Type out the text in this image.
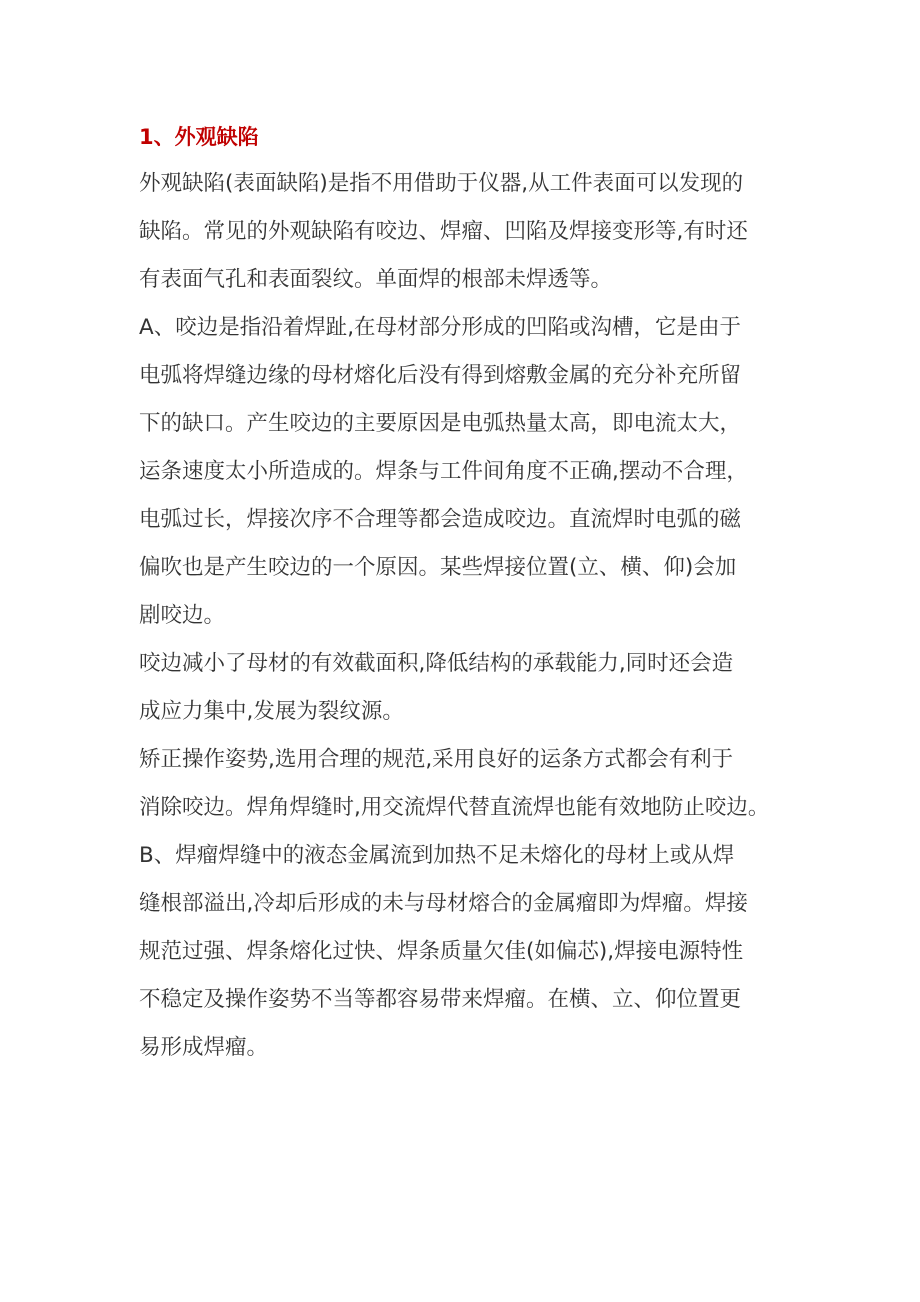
1、外观缺陷

外观缺陷(表面缺陷)是指不用借助于仪器,从工件表面可以发现的
缺陷。常见的外观缺陷有咬边、焊瘤、凹陷及焊接变形等,有时还
有表面气孔和表面裂纹。单面焊的根部未焊透等。

A、咬边是指沿着焊趾,在母材部分形成的凹陷或沟槽，它是由于
电弧将焊缝边缘的母材熔化后没有得到熔敷金属的充分补充所留
下的缺口。产生咬边的主要原因是电弧热量太高，即电流太大，
运条速度太小所造成的。焊条与工件间角度不正确,摆动不合理，
电弧过长，焊接次序不合理等都会造成咬边。直流焊时电弧的磁
偏吹也是产生咬边的一个原因。某些焊接位置(立、横、仰)会加
剧咬边。

咬边减小了母材的有效截面积,降低结构的承载能力,同时还会造
成应力集中,发展为裂纹源。

矫正操作姿势,选用合理的规范,采用良好的运条方式都会有利于
消除咬边。焊角焊缝时,用交流焊代替直流焊也能有效地防止咬边。

B、焊瘤焊缝中的液态金属流到加热不足未熔化的母材上或从焊
缝根部溢出,冷却后形成的未与母材熔合的金属瘤即为焊瘤。焊接
规范过强、焊条熔化过快、焊条质量欠佳(如偏芯),焊接电源特性
不稳定及操作姿势不当等都容易带来焊瘤。在横、立、仰位置更
易形成焊瘤。
